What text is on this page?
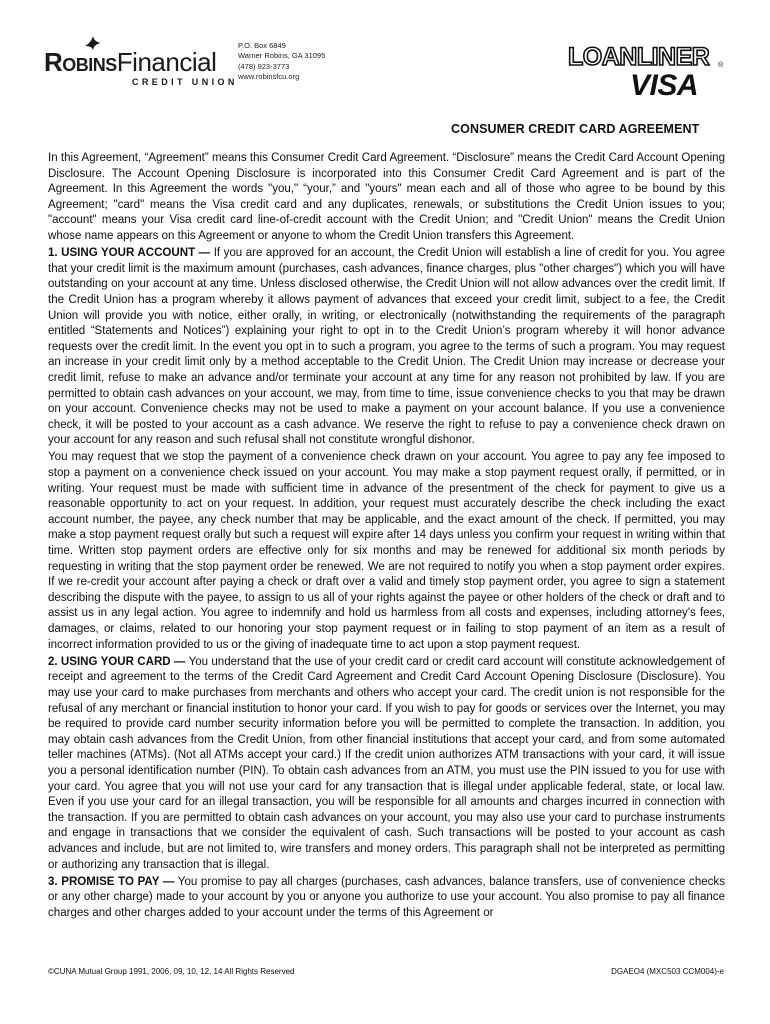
RobinsFinancial
CREDIT UNION
P.O. Box 6849
Warner Robins, GA 31095
(478) 923-3773
www.robinsfcu.org
LOANLINER ®
VISA
CONSUMER CREDIT CARD AGREEMENT

In this Agreement, “Agreement” means this Consumer Credit Card Agreement. “Disclosure” means the Credit Card Account Opening Disclosure. The Account Opening Disclosure is incorporated into this Consumer Credit Card Agreement and is part of the Agreement. In this Agreement the words "you," “your,” and "yours" mean each and all of those who agree to be bound by this Agreement; "card" means the Visa credit card and any duplicates, renewals, or substitutions the Credit Union issues to you; "account" means your Visa credit card line-of-credit account with the Credit Union; and "Credit Union" means the Credit Union whose name appears on this Agreement or anyone to whom the Credit Union transfers this Agreement.

1. USING YOUR ACCOUNT — If you are approved for an account, the Credit Union will establish a line of credit for you. You agree that your credit limit is the maximum amount (purchases, cash advances, finance charges, plus "other charges") which you will have outstanding on your account at any time. Unless disclosed otherwise, the Credit Union will not allow advances over the credit limit. If the Credit Union has a program whereby it allows payment of advances that exceed your credit limit, subject to a fee, the Credit Union will provide you with notice, either orally, in writing, or electronically (notwithstanding the requirements of the paragraph entitled “Statements and Notices”) explaining your right to opt in to the Credit Union’s program whereby it will honor advance requests over the credit limit. In the event you opt in to such a program, you agree to the terms of such a program. You may request an increase in your credit limit only by a method acceptable to the Credit Union. The Credit Union may increase or decrease your credit limit, refuse to make an advance and/or terminate your account at any time for any reason not prohibited by law. If you are permitted to obtain cash advances on your account, we may, from time to time, issue convenience checks to you that may be drawn on your account. Convenience checks may not be used to make a payment on your account balance. If you use a convenience check, it will be posted to your account as a cash advance. We reserve the right to refuse to pay a convenience check drawn on your account for any reason and such refusal shall not constitute wrongful dishonor.

You may request that we stop the payment of a convenience check drawn on your account. You agree to pay any fee imposed to stop a payment on a convenience check issued on your account. You may make a stop payment request orally, if permitted, or in writing. Your request must be made with sufficient time in advance of the presentment of the check for payment to give us a reasonable opportunity to act on your request. In addition, your request must accurately describe the check including the exact account number, the payee, any check number that may be applicable, and the exact amount of the check. If permitted, you may make a stop payment request orally but such a request will expire after 14 days unless you confirm your request in writing within that time. Written stop payment orders are effective only for six months and may be renewed for additional six month periods by requesting in writing that the stop payment order be renewed. We are not required to notify you when a stop payment order expires. If we re-credit your account after paying a check or draft over a valid and timely stop payment order, you agree to sign a statement describing the dispute with the payee, to assign to us all of your rights against the payee or other holders of the check or draft and to assist us in any legal action. You agree to indemnify and hold us harmless from all costs and expenses, including attorney's fees, damages, or claims, related to our honoring your stop payment request or in failing to stop payment of an item as a result of incorrect information provided to us or the giving of inadequate time to act upon a stop payment request.

2. USING YOUR CARD — You understand that the use of your credit card or credit card account will constitute acknowledgement of receipt and agreement to the terms of the Credit Card Agreement and Credit Card Account Opening Disclosure (Disclosure). You may use your card to make purchases from merchants and others who accept your card. The credit union is not responsible for the refusal of any merchant or financial institution to honor your card. If you wish to pay for goods or services over the Internet, you may be required to provide card number security information before you will be permitted to complete the transaction. In addition, you may obtain cash advances from the Credit Union, from other financial institutions that accept your card, and from some automated teller machines (ATMs). (Not all ATMs accept your card.) If the credit union authorizes ATM transactions with your card, it will issue you a personal identification number (PIN). To obtain cash advances from an ATM, you must use the PIN issued to you for use with your card. You agree that you will not use your card for any transaction that is illegal under applicable federal, state, or local law. Even if you use your card for an illegal transaction, you will be responsible for all amounts and charges incurred in connection with the transaction. If you are permitted to obtain cash advances on your account, you may also use your card to purchase instruments and engage in transactions that we consider the equivalent of cash. Such transactions will be posted to your account as cash advances and include, but are not limited to, wire transfers and money orders. This paragraph shall not be interpreted as permitting or authorizing any transaction that is illegal.

3. PROMISE TO PAY — You promise to pay all charges (purchases, cash advances, balance transfers, use of convenience checks or any other charge) made to your account by you or anyone you authorize to use your account. You also promise to pay all finance charges and other charges added to your account under the terms of this Agreement or

©CUNA Mutual Group 1991, 2006, 09, 10, 12, 14 All Rights Reserved	DGAEO4 (MXC503 CCM004)-e
